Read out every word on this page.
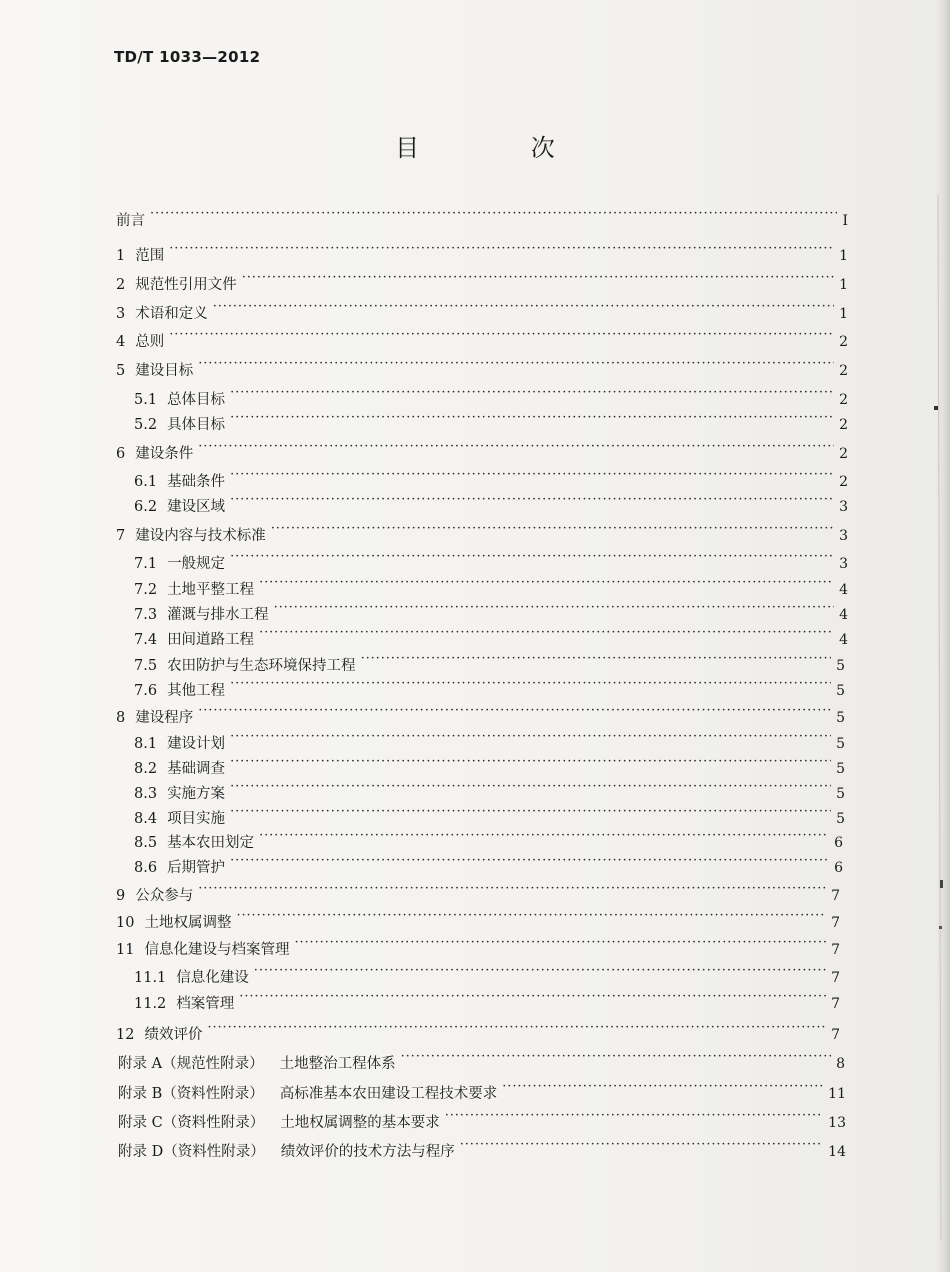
TD/T 1033—2012
目 次
前言 ·····	I
1 范围 ·····	1
2 规范性引用文件 ·····	1
3 术语和定义 ·····	1
4 总则 ·····	2
5 建设目标 ·····	2
5.1 总体目标 ·····	2
5.2 具体目标 ·····	2
6 建设条件 ·····	2
6.1 基础条件 ·····	2
6.2 建设区域 ·····	3
7 建设内容与技术标准 ·····	3
7.1 一般规定 ·····	3
7.2 土地平整工程 ·····	4
7.3 灌溉与排水工程 ·····	4
7.4 田间道路工程 ·····	4
7.5 农田防护与生态环境保持工程 ·····	5
7.6 其他工程 ·····	5
8 建设程序 ·····	5
8.1 建设计划 ·····	5
8.2 基础调查 ·····	5
8.3 实施方案 ·····	5
8.4 项目实施 ·····	5
8.5 基本农田划定 ·····	6
8.6 后期管护 ·····	6
9 公众参与 ·····	7
10 土地权属调整 ·····	7
11 信息化建设与档案管理 ·····	7
11.1 信息化建设 ·····	7
11.2 档案管理 ·····	7
12 绩效评价 ·····	7
附录 A（规范性附录） 土地整治工程体系 ·····	8
附录 B（资料性附录） 高标准基本农田建设工程技术要求 ·····	11
附录 C（资料性附录） 土地权属调整的基本要求 ·····	13
附录 D（资料性附录） 绩效评价的技术方法与程序 ·····	14
